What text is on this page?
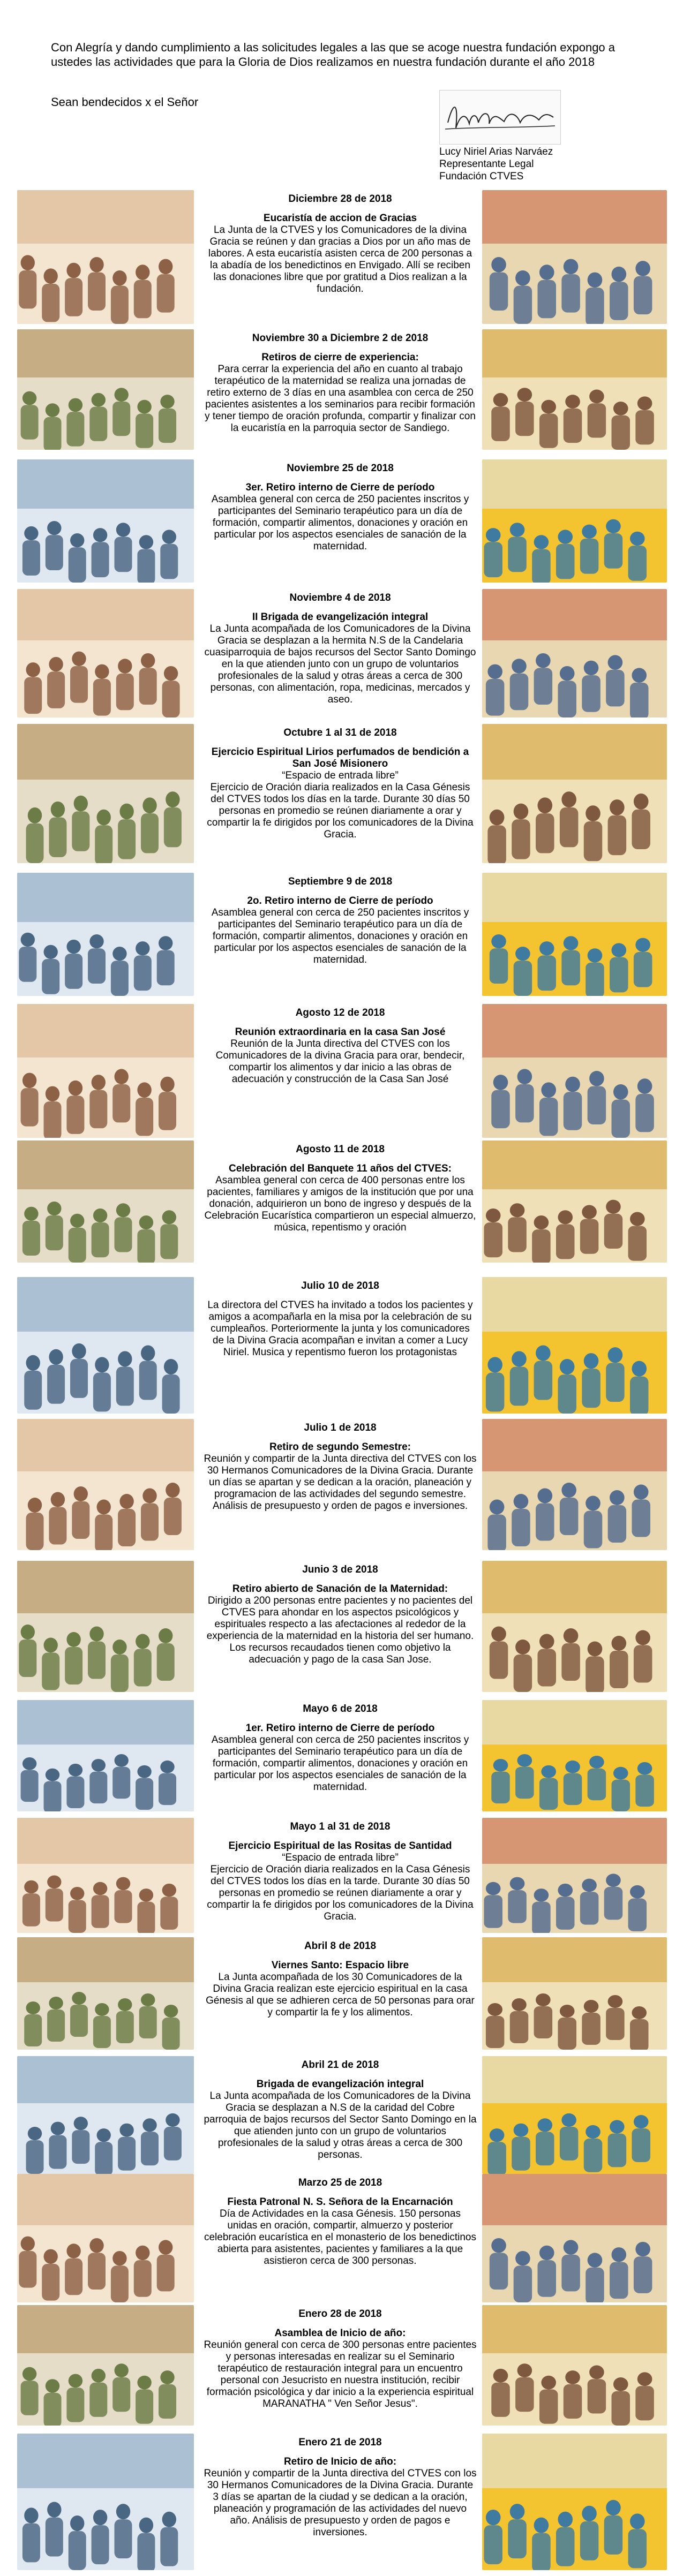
Con Alegría y dando cumplimiento a las solicitudes legales a las que se acoge nuestra fundación expongo a ustedes las actividades que para la Gloria de Dios realizamos en nuestra fundación durante el año 2018
Sean bendecidos x el Señor
Lucy Niriel Arias Narváez
Representante Legal
Fundación CTVES
Diciembre 28 de 2018
Eucaristía de accion de Gracias
La Junta de la CTVES y los Comunicadores de la divina Gracia se reúnen y dan gracias a Dios por un año mas de labores. A esta eucaristía asisten cerca de 200 personas a la abadía de los benedictinos en Envigado. Allí se reciben las donaciones libre que por gratitud a Dios realizan a la fundación.
Noviembre 30 a Diciembre 2 de 2018
Retiros de cierre de experiencia:
Para cerrar la experiencia del año en cuanto al trabajo terapéutico de la maternidad se realiza una jornadas de retiro externo de 3 días en una asamblea con cerca de 250 pacientes asistentes a los seminarios para recibir formación y tener tiempo de oración profunda, compartir y finalizar con la eucaristía en la parroquia sector de Sandiego.
Noviembre 25 de 2018
3er. Retiro interno de Cierre de período
Asamblea general con cerca de 250 pacientes inscritos y participantes del Seminario terapéutico para un día de formación, compartir alimentos, donaciones y oración en particular por los aspectos esenciales de sanación de la maternidad.
Noviembre 4 de 2018
II Brigada de evangelización integral
La Junta acompañada de los Comunicadores de la Divina Gracia se desplazan a la hermita N.S de la Candelaria cuasiparroquia de bajos recursos del Sector Santo Domingo en la que atienden junto con un grupo de voluntarios profesionales de la salud y otras áreas a cerca de 300 personas, con alimentación, ropa, medicinas, mercados y aseo.
Octubre 1 al 31 de 2018
Ejercicio Espiritual Lirios perfumados de bendición a San José Misionero
“Espacio de entrada libre”
Ejercicio de Oración diaria realizados en la Casa Génesis del CTVES todos los días en la tarde. Durante 30 días 50 personas en promedio se reúnen diariamente a orar y compartir la fe dirigidos por los comunicadores de la Divina Gracia.
Septiembre 9 de 2018
2o. Retiro interno de Cierre de período
Asamblea general con cerca de 250 pacientes inscritos y participantes del Seminario terapéutico para un día de formación, compartir alimentos, donaciones y oración en particular por los aspectos esenciales de sanación de la maternidad.
Agosto 12 de 2018
Reunión extraordinaria en la casa San José
Reunión de la Junta directiva del CTVES con los Comunicadores de la divina Gracia para orar, bendecir, compartir los alimentos y dar inicio a las obras de adecuación y construcción de la Casa San José
Agosto 11 de 2018
Celebración del Banquete 11 años del CTVES:
Asamblea general con cerca de 400 personas entre los pacientes, familiares y amigos de la institución que por una donación, adquirieron un bono de ingreso y después de la Celebración Eucarística compartieron un especial almuerzo, música, repentismo y oración
Julio 10 de 2018
La directora del CTVES ha invitado a todos los pacientes y amigos a acompañarla en la misa por la celebración de su cumpleaños. Porteriormente la junta y los comunicadores de la Divina Gracia acompañan e invitan a comer a Lucy Niriel. Musica y repentismo fueron los protagonistas
Julio 1 de 2018
Retiro de segundo Semestre:
Reunión y compartir de la Junta directiva del CTVES con los 30 Hermanos Comunicadores de la Divina Gracia. Durante un días se apartan y se dedican a la oración, planeación y programacion de las actividades del segundo semestre. Análisis de presupuesto y orden de pagos e inversiones.
Junio 3 de 2018
Retiro abierto de Sanación de la Maternidad:
Dirigido a 200 personas entre pacientes y no pacientes del CTVES para ahondar en los aspectos psicológicos y espirituales respecto a las afectaciones al rededor de la experiencia de la maternidad en la historia del ser humano. Los recursos recaudados tienen como objetivo la adecuación y pago de la casa San Jose.
Mayo 6 de 2018
1er. Retiro interno de Cierre de período
Asamblea general con cerca de 250 pacientes inscritos y participantes del Seminario terapéutico para un día de formación, compartir alimentos, donaciones y oración en particular por los aspectos esenciales de sanación de la maternidad.
Mayo 1 al 31 de 2018
Ejercicio Espiritual de las Rositas de Santidad
“Espacio de entrada libre”
Ejercicio de Oración diaria realizados en la Casa Génesis del CTVES todos los días en la tarde. Durante 30 días 50 personas en promedio se reúnen diariamente a orar y compartir la fe dirigidos por los comunicadores de la Divina Gracia.
Abril 8 de 2018
Viernes Santo: Espacio libre
La Junta acompañada de los 30 Comunicadores de la Divina Gracia realizan este ejercicio espiritual en la casa Génesis al que se adhieren cerca de 50 personas para orar y compartir la fe y los alimentos.
Abril 21 de 2018
Brigada de evangelización integral
La Junta acompañada de los Comunicadores de la Divina Gracia se desplazan a N.S de la caridad del Cobre parroquia de bajos recursos del Sector Santo Domingo en la que atienden junto con un grupo de voluntarios profesionales de la salud y otras áreas a cerca de 300 personas.
Marzo 25 de 2018
Fiesta Patronal N. S. Señora de la Encarnación
Día de Actividades en la casa Génesis. 150 personas unidas en oración, compartir, almuerzo y posterior celebración eucarística en el monasterio de los benedictinos abierta para asistentes, pacientes y familiares a la que asistieron cerca de 300 personas.
Enero 28 de 2018
Asamblea de Inicio de año:
Reunión general con cerca de 300 personas entre pacientes y personas interesadas en realizar su el Seminario terapéutico de restauración integral para un encuentro personal con Jesucristo en nuestra institución, recibir formación psicológica y dar inicio a la experiencia espiritual MARANATHA " Ven Señor Jesus".
Enero 21 de 2018
Retiro de Inicio de año:
Reunión y compartir de la Junta directiva del CTVES con los 30 Hermanos Comunicadores de la Divina Gracia. Durante 3 días se apartan de la ciudad y se dedican a la oración, planeación y programación de las actividades del nuevo año. Análisis de presupuesto y orden de pagos e inversiones.
